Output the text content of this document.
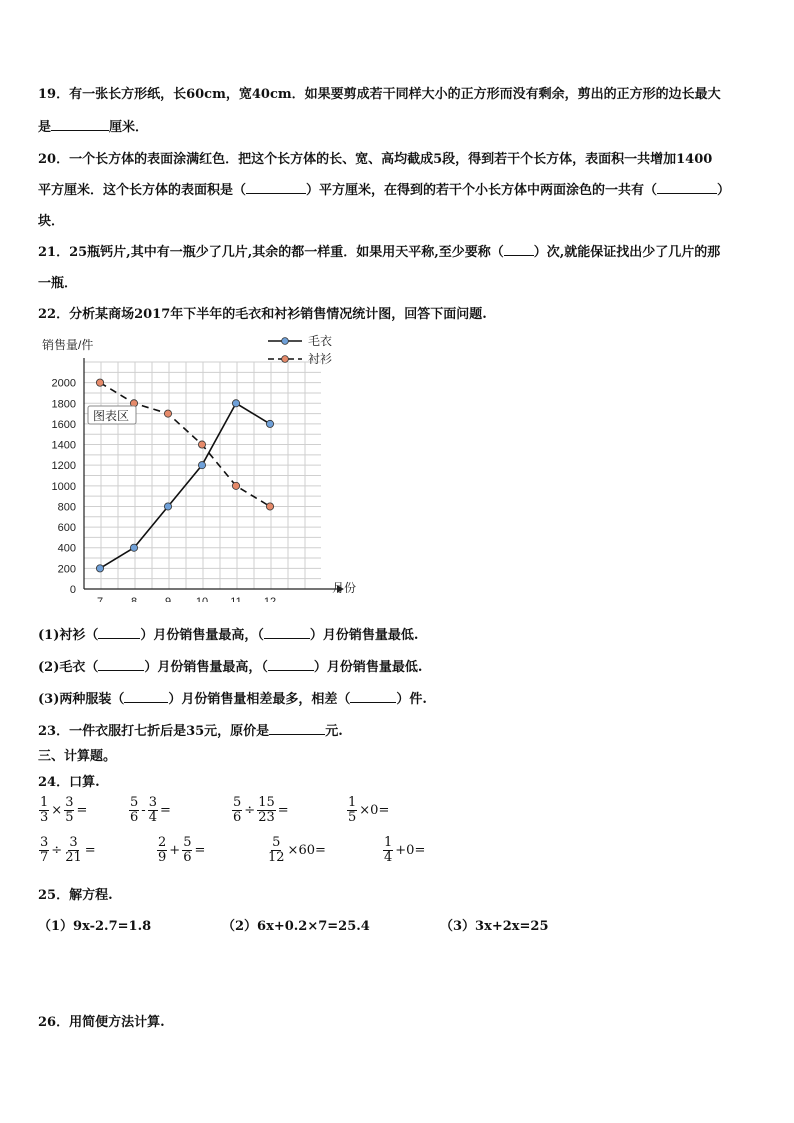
19．有一张长方形纸，长60cm，宽40cm．如果要剪成若干同样大小的正方形而没有剩余，剪出的正方形的边长最大
是	厘米．
20．一个长方体的表面涂满红色．把这个长方体的长、宽、高均截成5段，得到若干个长方体，表面积一共增加1400
平方厘米．这个长方体的表面积是（	）平方厘米，在得到的若干个小长方体中两面涂色的一共有（	）
块．
21．25瓶钙片,其中有一瓶少了几片,其余的都一样重．如果用天平称,至少要称（ ）次,就能保证找出少了几片的那
一瓶．
22．分析某商场2017年下半年的毛衣和衬衫销售情况统计图，回答下面问题.
0
200
400
600
800
1000
1200
1400
1600
1800
2000
7	8	9 10 11 12
毛衣
衬衫
销售量/件
月份
图表区
(1)衬衫（	）月份销售量最高，（	）月份销售量最低.
(2)毛衣（	）月份销售量最高，（	）月份销售量最低.
(3)两种服装（	）月份销售量相差最多，相差（	）件.
23．一件衣服打七折后是35元，原价是	元.
三、计算题。
24．口算.
$\frac{1}{3} \times \frac{3}{5}$ =	$\frac{5}{6} - \frac{3}{4}$ =	$\frac{5}{6} \div \frac{15}{23}$ =	$\frac{1}{5} \times 0=$
$\frac{3}{7} \div \frac{3}{21}$ =	$\frac{2}{9} + \frac{5}{6}$ =	$\frac{5}{12} \times 60=$	$\frac{1}{4} +0=$
25．解方程.
（1）9x-2.7=1.8	（2）6x+0.2×7=25.4	（3）3x+2x=25
26．用简便方法计算.
